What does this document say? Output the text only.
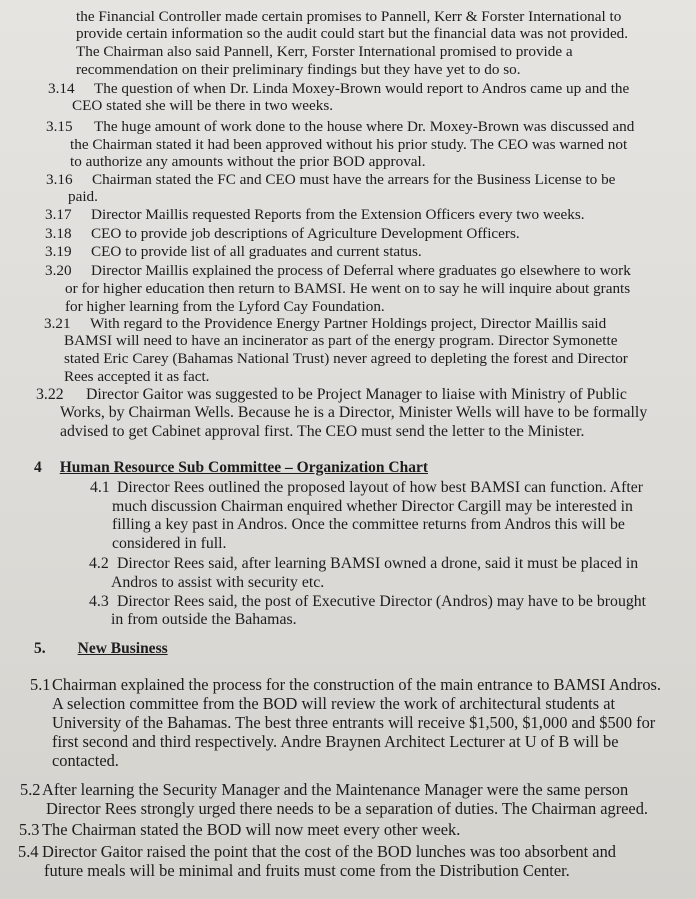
the Financial Controller made certain promises to Pannell, Kerr & Forster International to
provide certain information so the audit could start but the financial data was not provided.
The Chairman also said Pannell, Kerr, Forster International promised to provide a
recommendation on their preliminary findings but they have yet to do so.
3.14 The question of when Dr. Linda Moxey-Brown would report to Andros came up and the
CEO stated she will be there in two weeks.
3.15 The huge amount of work done to the house where Dr. Moxey-Brown was discussed and
the Chairman stated it had been approved without his prior study. The CEO was warned not
to authorize any amounts without the prior BOD approval.
3.16 Chairman stated the FC and CEO must have the arrears for the Business License to be
paid.
3.17 Director Maillis requested Reports from the Extension Officers every two weeks.
3.18 CEO to provide job descriptions of Agriculture Development Officers.
3.19 CEO to provide list of all graduates and current status.
3.20 Director Maillis explained the process of Deferral where graduates go elsewhere to work
or for higher education then return to BAMSI. He went on to say he will inquire about grants
for higher learning from the Lyford Cay Foundation.
3.21 With regard to the Providence Energy Partner Holdings project, Director Maillis said
BAMSI will need to have an incinerator as part of the energy program. Director Symonette
stated Eric Carey (Bahamas National Trust) never agreed to depleting the forest and Director
Rees accepted it as fact.
3.22 Director Gaitor was suggested to be Project Manager to liaise with Ministry of Public
Works, by Chairman Wells. Because he is a Director, Minister Wells will have to be formally
advised to get Cabinet approval first. The CEO must send the letter to the Minister.
4 Human Resource Sub Committee – Organization Chart
4.1 Director Rees outlined the proposed layout of how best BAMSI can function. After
much discussion Chairman enquired whether Director Cargill may be interested in
filling a key past in Andros. Once the committee returns from Andros this will be
considered in full.
4.2 Director Rees said, after learning BAMSI owned a drone, said it must be placed in
Andros to assist with security etc.
4.3 Director Rees said, the post of Executive Director (Andros) may have to be brought
in from outside the Bahamas.
5. New Business
5.1 Chairman explained the process for the construction of the main entrance to BAMSI Andros.
A selection committee from the BOD will review the work of architectural students at
University of the Bahamas. The best three entrants will receive $1,500, $1,000 and $500 for
first second and third respectively. Andre Braynen Architect Lecturer at U of B will be
contacted.
5.2 After learning the Security Manager and the Maintenance Manager were the same person
Director Rees strongly urged there needs to be a separation of duties. The Chairman agreed.
5.3 The Chairman stated the BOD will now meet every other week.
5.4 Director Gaitor raised the point that the cost of the BOD lunches was too absorbent and
future meals will be minimal and fruits must come from the Distribution Center.
